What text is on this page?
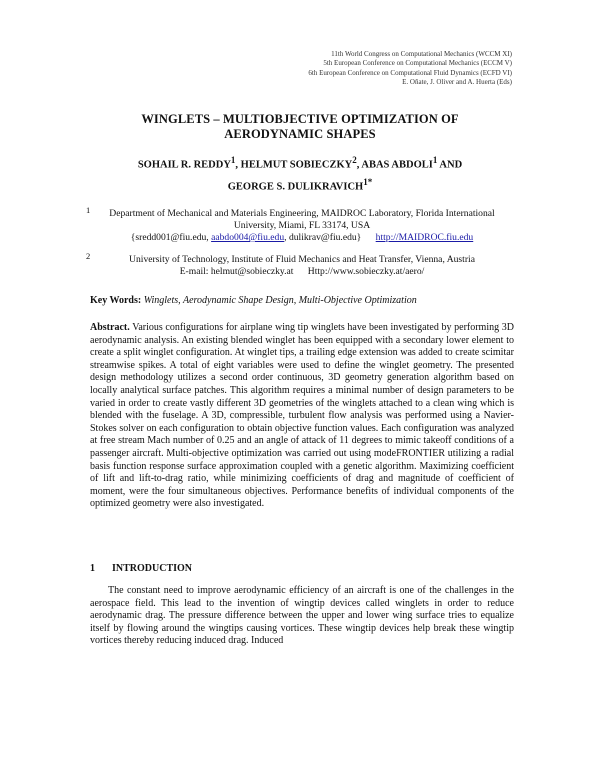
11th World Congress on Computational Mechanics (WCCM XI)
5th European Conference on Computational Mechanics (ECCM V)
6th European Conference on Computational Fluid Dynamics (ECFD VI)
E. Oñate, J. Oliver and A. Huerta (Eds)
WINGLETS – MULTIOBJECTIVE OPTIMIZATION OF
AERODYNAMIC SHAPES
SOHAIL R. REDDY$^1$, HELMUT SOBIECZKY$^2$, ABAS ABDOLI$^1$ AND
GEORGE S. $DULIKRAVICH^{1*}$
1	Department of Mechanical and Materials Engineering, MAIDROC Laboratory, Florida International
University, Miami, FL 33174, USA
{sredd001@fiu.edu, aabdo004@fiu.edu, dulikrav@fiu.edu} http://MAIDROC.fiu.edu
2	University of Technology, Institute of Fluid Mechanics and Heat Transfer, Vienna, Austria
E-mail: helmut@sobieczky.at Http://www.sobieczky.at/aero/
Key Words: Winglets, Aerodynamic Shape Design, Multi-Objective Optimization
Abstract. Various configurations for airplane wing tip winglets have been investigated by performing 3D aerodynamic analysis. An existing blended winglet has been equipped with a secondary lower element to create a split winglet configuration. At winglet tips, a trailing edge extension was added to create scimitar streamwise spikes. A total of eight variables were used to define the winglet geometry. The presented design methodology utilizes a second order continuous, 3D geometry generation algorithm based on locally analytical surface patches. This algorithm requires a minimal number of design parameters to be varied in order to create vastly different 3D geometries of the winglets attached to a clean wing which is blended with the fuselage. A 3D, compressible, turbulent flow analysis was performed using a Navier-Stokes solver on each configuration to obtain objective function values. Each configuration was analyzed at free stream Mach number of 0.25 and an angle of attack of 11 degrees to mimic takeoff conditions of a passenger aircraft. Multi-objective optimization was carried out using modeFRONTIER utilizing a radial basis function response surface approximation coupled with a genetic algorithm. Maximizing coefficient of lift and lift-to-drag ratio, while minimizing coefficients of drag and magnitude of coefficient of moment, were the four simultaneous objectives. Performance benefits of individual components of the optimized geometry were also investigated.
1 INTRODUCTION
The constant need to improve aerodynamic efficiency of an aircraft is one of the challenges in the aerospace field. This lead to the invention of wingtip devices called winglets in order to reduce aerodynamic drag. The pressure difference between the upper and lower wing surface tries to equalize itself by flowing around the wingtips causing vortices. These wingtip devices help break these wingtip vortices thereby reducing induced drag. Induced
